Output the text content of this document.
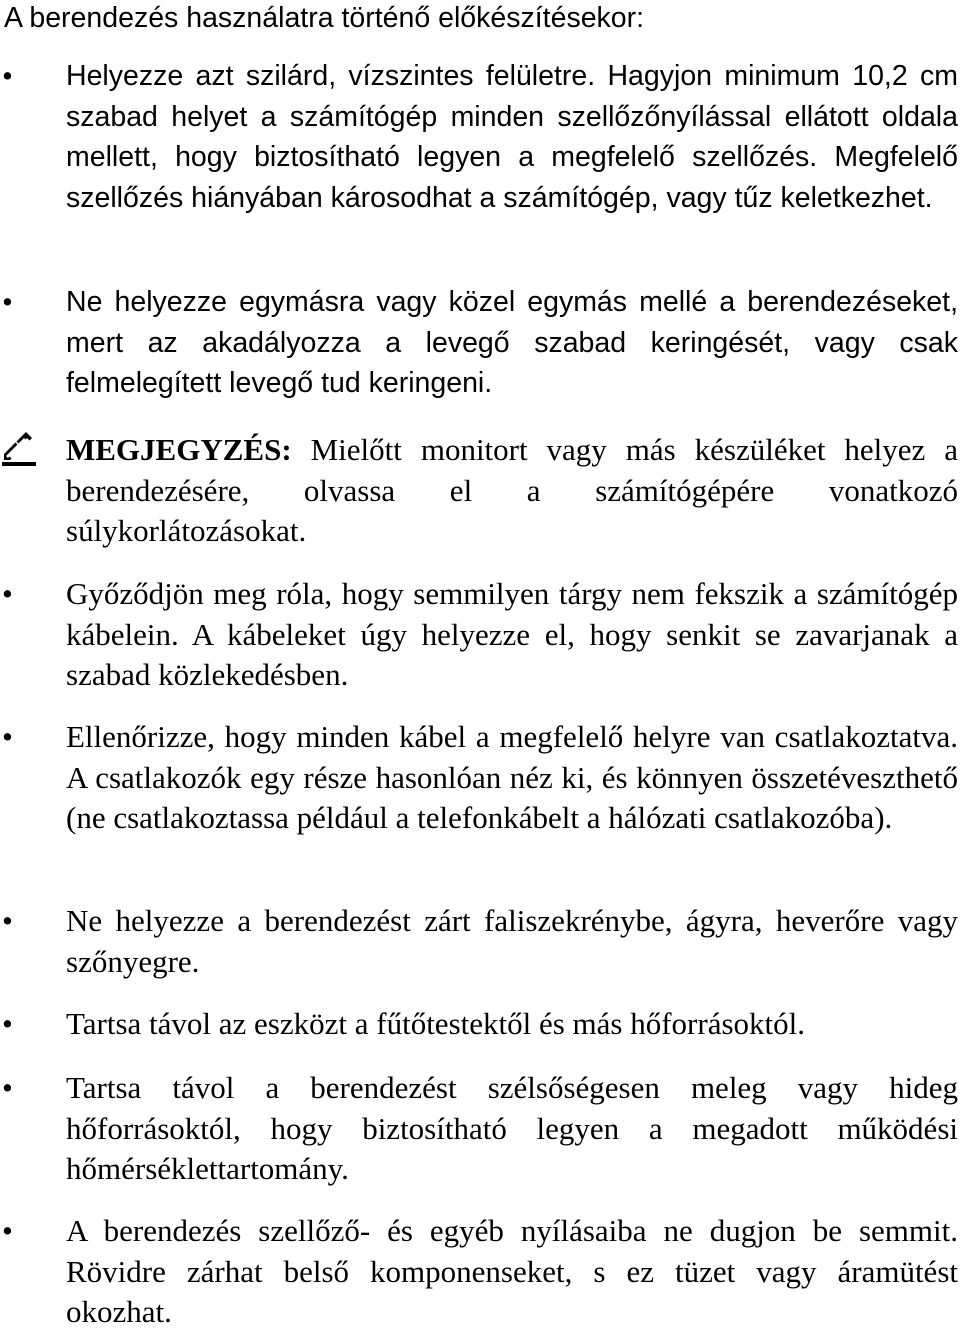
A berendezés használatra történő előkészítésekor:
•	Helyezze azt szilárd, vízszintes felületre. Hagyjon minimum 10,2 cm szabad helyet a számítógép minden szellőzőnyílással ellátott oldala mellett, hogy biztosítható legyen a megfelelő szellőzés. Megfelelő szellőzés hiányában károsodhat a számítógép, vagy tűz keletkezhet.
•	Ne helyezze egymásra vagy közel egymás mellé a berendezéseket, mert az akadályozza a levegő szabad keringését, vagy csak felmelegített levegő tud keringeni.
MEGJEGYZÉS: Mielőtt monitort vagy más készüléket helyez a berendezésére, olvassa el a számítógépére vonatkozó súlykorlátozásokat.
•	Győződjön meg róla, hogy semmilyen tárgy nem fekszik a számítógép kábelein. A kábeleket úgy helyezze el, hogy senkit se zavarjanak a szabad közlekedésben.
•	Ellenőrizze, hogy minden kábel a megfelelő helyre van csatlakoztatva. A csatlakozók egy része hasonlóan néz ki, és könnyen összetéveszthető (ne csatlakoztassa például a telefonkábelt a hálózati csatlakozóba).
•	Ne helyezze a berendezést zárt faliszekrénybe, ágyra, heverőre vagy szőnyegre.
•	Tartsa távol az eszközt a fűtőtestektől és más hőforrásoktól.
•	Tartsa távol a berendezést szélsőségesen meleg vagy hideg hőforrásoktól, hogy biztosítható legyen a megadott működési hőmérséklettartomány.
•	A berendezés szellőző- és egyéb nyílásaiba ne dugjon be semmit. Rövidre zárhat belső komponenseket, s ez tüzet vagy áramütést okozhat.
